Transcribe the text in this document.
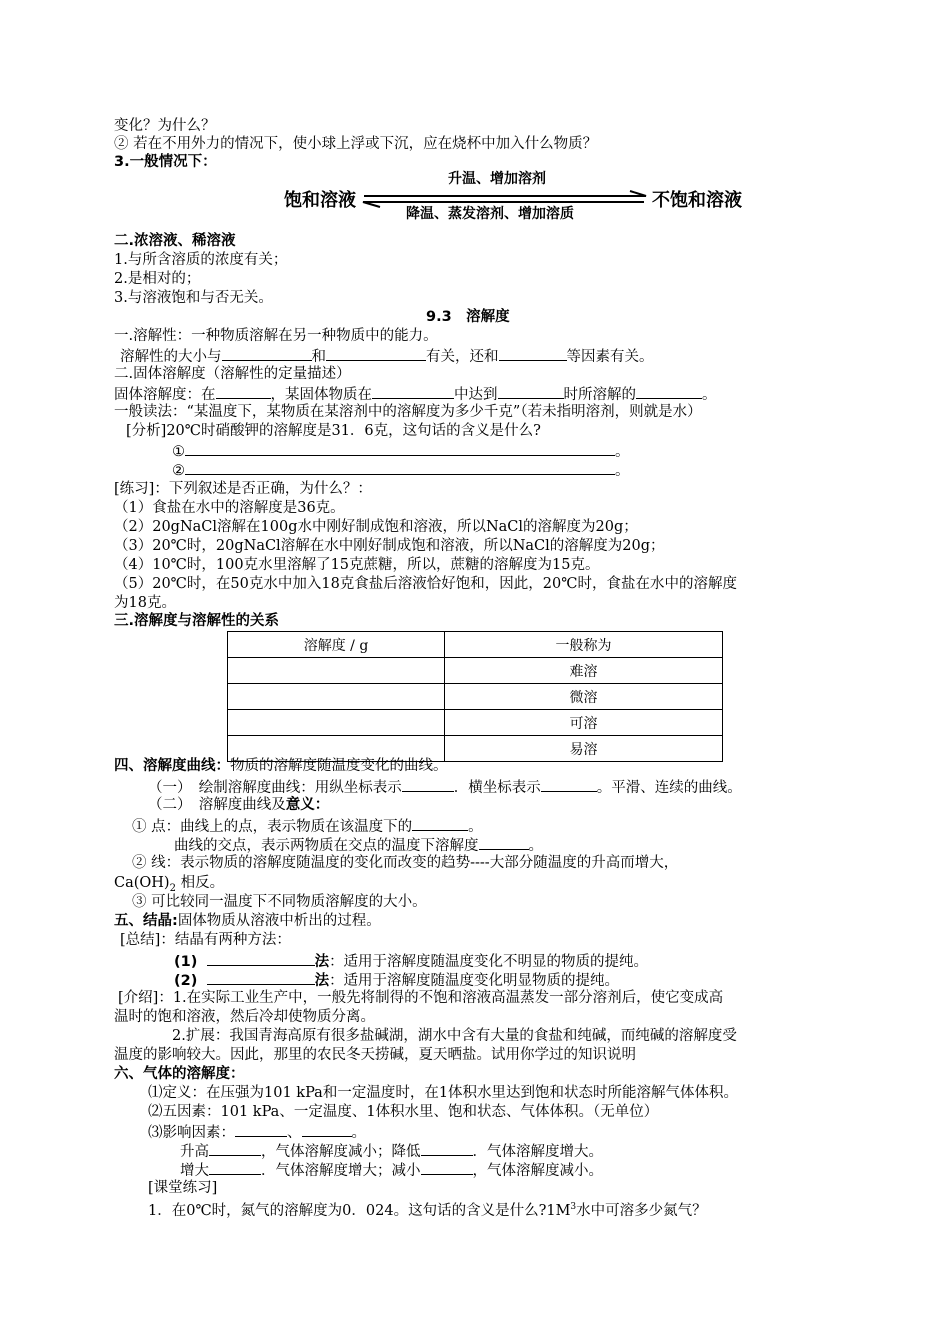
变化？为什么？
② 若在不用外力的情况下，使小球上浮或下沉，应在烧杯中加入什么物质？
3.一般情况下：
饱和溶液	不饱和溶液
升温、增加溶剂
降温、蒸发溶剂、增加溶质
二.浓溶液、稀溶液
1.与所含溶质的浓度有关；
2.是相对的；
3.与溶液饱和与否无关。
9.3　溶解度
一.溶解性：一种物质溶解在另一种物质中的能力。
溶解性的大小与	和	有关，还和	等因素有关。
二.固体溶解度（溶解性的定量描述）
固体溶解度：在	，某固体物质在	中达到	时所溶解的	。
一般读法：“某温度下，某物质在某溶剂中的溶解度为多少千克”（若未指明溶剂，则就是水）
[分析]20℃时硝酸钾的溶解度是31．6克，这句话的含义是什么?
①	。
②	。
[练习]：下列叙述是否正确，为什么？：
（1）食盐在水中的溶解度是36克。
（2）20gNaCl溶解在100g水中刚好制成饱和溶液，所以NaCl的溶解度为20g；
（3）20℃时，20gNaCl溶解在水中刚好制成饱和溶液，所以NaCl的溶解度为20g；
（4）10℃时，100克水里溶解了15克蔗糖，所以，蔗糖的溶解度为15克。
（5）20℃时，在50克水中加入18克食盐后溶液恰好饱和，因此，20℃时，食盐在水中的溶解度
为18克。
三.溶解度与溶解性的关系
溶解度 / g	一般称为
	难溶
	微溶
	可溶
	易溶
四、溶解度曲线：物质的溶解度随温度变化的曲线。
（一）　绘制溶解度曲线：用纵坐标表示	．横坐标表示	。平滑、连续的曲线。
（二）　溶解度曲线及意义：
① 点：曲线上的点，表示物质在该温度下的	。
曲线的交点，表示两物质在交点的温度下溶解度	。
② 线：表示物质的溶解度随温度的变化而改变的趋势----大部分随温度的升高而增大，
$Ca(OH)_2$ 相反。
③ 可比较同一温度下不同物质溶解度的大小。
五、结晶:固体物质从溶液中析出的过程。
[总结]：结晶有两种方法：
(1)	法：适用于溶解度随温度变化不明显的物质的提纯。
(2)	法：适用于溶解度随温度变化明显物质的提纯。
[介绍]：1.在实际工业生产中，一般先将制得的不饱和溶液高温蒸发一部分溶剂后，使它变成高
温时的饱和溶液，然后冷却使物质分离。
2.扩展：我国青海高原有很多盐碱湖，湖水中含有大量的食盐和纯碱，而纯碱的溶解度受
温度的影响较大。因此，那里的农民冬天捞碱，夏天晒盐。试用你学过的知识说明
六、气体的溶解度：
⑴定义：在压强为101 kPa和一定温度时，在1体积水里达到饱和状态时所能溶解气体体积。
⑵五因素：101 kPa、一定温度、1体积水里、饱和状态、气体体积。（无单位）
⑶影响因素：	、	。
升高	，气体溶解度减小；降低	．气体溶解度增大。
增大	．气体溶解度增大；减小	，气体溶解度减小。
[课堂练习]
1．在0℃时，氮气的溶解度为0．024。这句话的含义是什么$?1M^3$水中可溶多少氮气？
